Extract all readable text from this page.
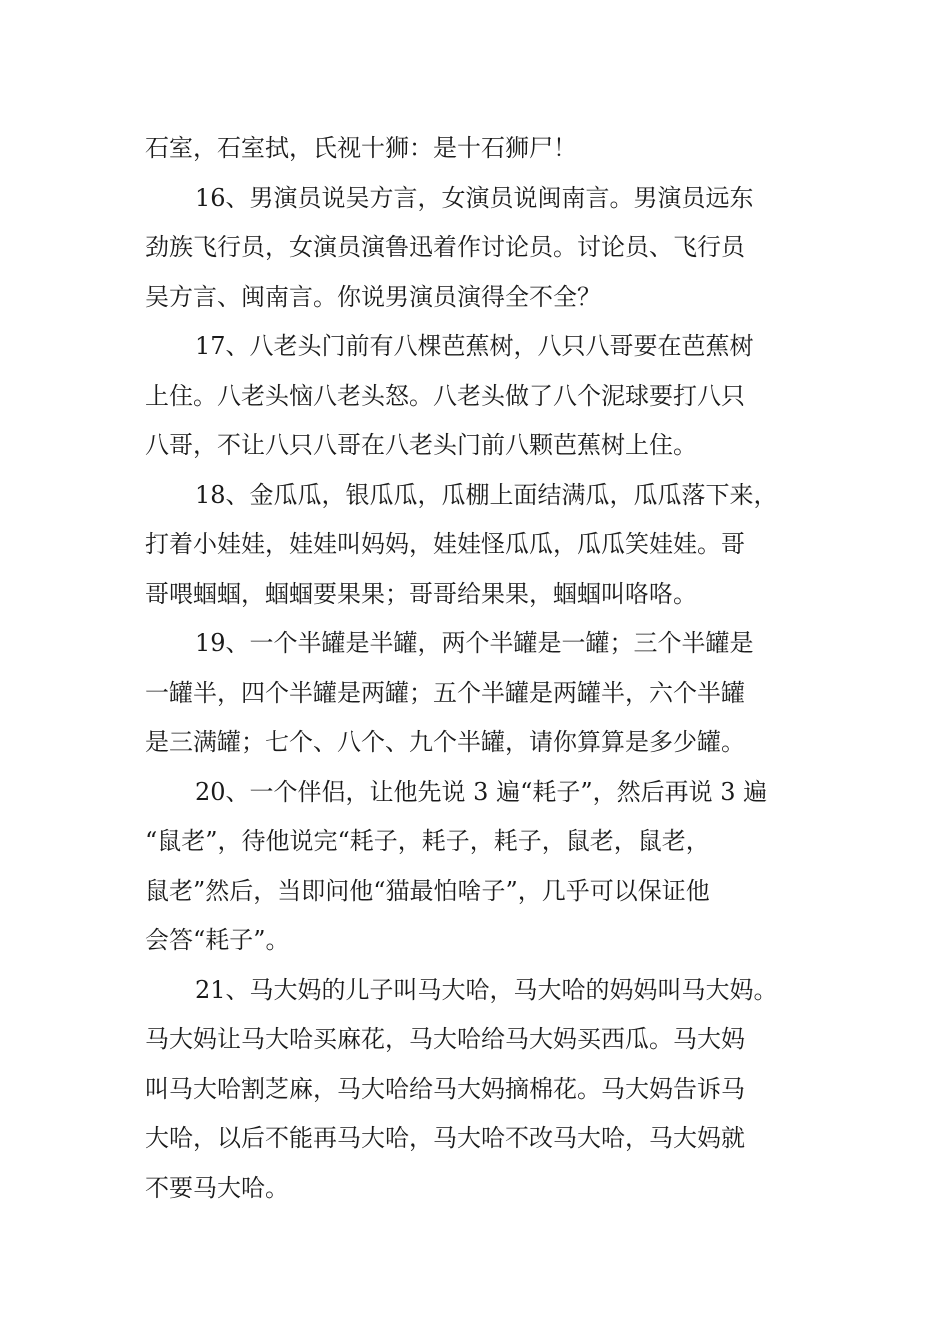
石室，石室拭，氏视十狮：是十石狮尸！
16、男演员说吴方言，女演员说闽南言。男演员远东
劲族飞行员，女演员演鲁迅着作讨论员。讨论员、飞行员
吴方言、闽南言。你说男演员演得全不全？
17、八老头门前有八棵芭蕉树，八只八哥要在芭蕉树
上住。八老头恼八老头怒。八老头做了八个泥球要打八只
八哥，不让八只八哥在八老头门前八颗芭蕉树上住。
18、金瓜瓜，银瓜瓜，瓜棚上面结满瓜，瓜瓜落下来，
打着小娃娃，娃娃叫妈妈，娃娃怪瓜瓜，瓜瓜笑娃娃。哥
哥喂蝈蝈，蝈蝈要果果；哥哥给果果，蝈蝈叫咯咯。
19、一个半罐是半罐，两个半罐是一罐；三个半罐是
一罐半，四个半罐是两罐；五个半罐是两罐半，六个半罐
是三满罐；七个、八个、九个半罐，请你算算是多少罐。
20、一个伴侣，让他先说 3 遍“耗子”，然后再说 3 遍
“鼠老”，待他说完“耗子，耗子，耗子，鼠老，鼠老，
鼠老”然后，当即问他“猫最怕啥子”，几乎可以保证他
会答“耗子”。
21、马大妈的儿子叫马大哈，马大哈的妈妈叫马大妈。
马大妈让马大哈买麻花，马大哈给马大妈买西瓜。马大妈
叫马大哈割芝麻，马大哈给马大妈摘棉花。马大妈告诉马
大哈，以后不能再马大哈，马大哈不改马大哈，马大妈就
不要马大哈。
